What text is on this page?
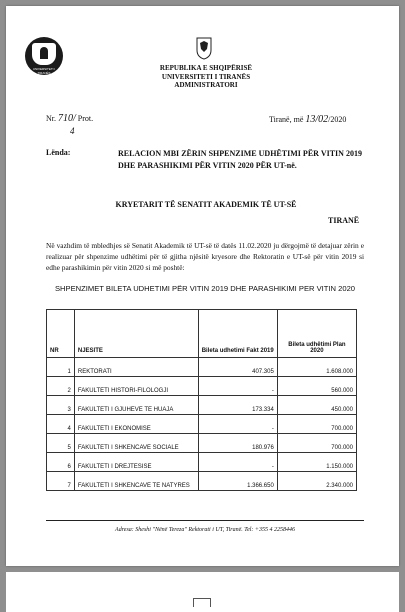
UNIVERSITETI I TIRANËS
REPUBLIKA E SHQIPËRISË
UNIVERSITETI I TIRANËS
ADMINISTRATORI
Nr. 710/ Prot.
4
Tiranë, më 13/02/2020
Lënda:	RELACION MBI ZËRIN SHPENZIME UDHËTIMI PËR VITIN 2019 DHE PARASHIKIMI PËR VITIN 2020 PËR UT-në.
KRYETARIT TË SENATIT AKADEMIK TË UT-SË
TIRANË
Në vazhdim të mbledhjes së Senatit Akademik të UT-së të datës 11.02.2020 ju dërgojmë të detajuar zërin e realizuar për shpenzime udhëtimi për të gjitha njësitë kryesore dhe Rektoratin e UT-së për vitin 2019 si edhe parashikimin për vitin 2020 si më poshtë:
SHPENZIMET BILETA UDHETIMI PËR VITIN 2019 DHE PARASHIKIMI PER VITIN 2020
NR	NJESITE	Bileta udhetimi Fakt 2019	Bileta udhëtimi Plan 2020
1	REKTORATI	407.305	1.608.000
2	FAKULTETI HISTORI-FILOLOGJI	-	560.000
3	FAKULTETI I GJUHEVE TE HUAJA	173.334	450.000
4	FAKULTETI I EKONOMISE	-	700.000
5	FAKULTETI I SHKENCAVE SOCIALE	180.976	700.000
6	FAKULTETI I DREJTESISE	-	1.150.000
7	FAKULTETI I SHKENCAVE TE NATYRES	1.366.650	2.340.000
Adresa: Sheshi "Nënë Tereza" Rektorati i UT, Tiranë. Tel: +355 4 2258446
